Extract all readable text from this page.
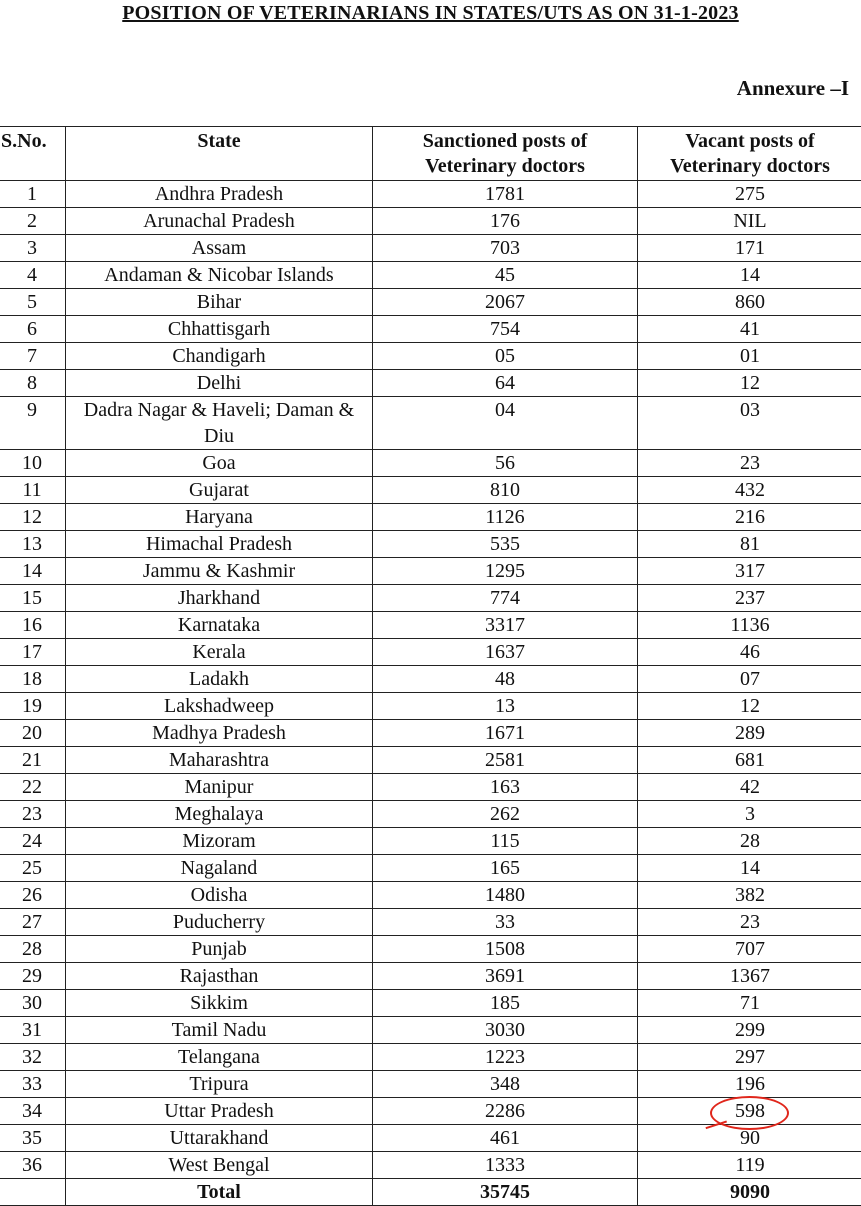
POSITION OF VETERINARIANS IN STATES/UTS AS ON 31-1-2023
Annexure –I
S.No.	State	Sanctioned posts of Veterinary doctors	Vacant posts of Veterinary doctors
1	Andhra Pradesh	1781	275
2	Arunachal Pradesh	176	NIL
3	Assam	703	171
4	Andaman & Nicobar Islands	45	14
5	Bihar	2067	860
6	Chhattisgarh	754	41
7	Chandigarh	05	01
8	Delhi	64	12
9	Dadra Nagar & Haveli; Daman & Diu	04	03
10	Goa	56	23
11	Gujarat	810	432
12	Haryana	1126	216
13	Himachal Pradesh	535	81
14	Jammu & Kashmir	1295	317
15	Jharkhand	774	237
16	Karnataka	3317	1136
17	Kerala	1637	46
18	Ladakh	48	07
19	Lakshadweep	13	12
20	Madhya Pradesh	1671	289
21	Maharashtra	2581	681
22	Manipur	163	42
23	Meghalaya	262	3
24	Mizoram	115	28
25	Nagaland	165	14
26	Odisha	1480	382
27	Puducherry	33	23
28	Punjab	1508	707
29	Rajasthan	3691	1367
30	Sikkim	185	71
31	Tamil Nadu	3030	299
32	Telangana	1223	297
33	Tripura	348	196
34	Uttar Pradesh	2286	598

35	Uttarakhand	461	90
36	West Bengal	1333	119
	Total	35745	9090
